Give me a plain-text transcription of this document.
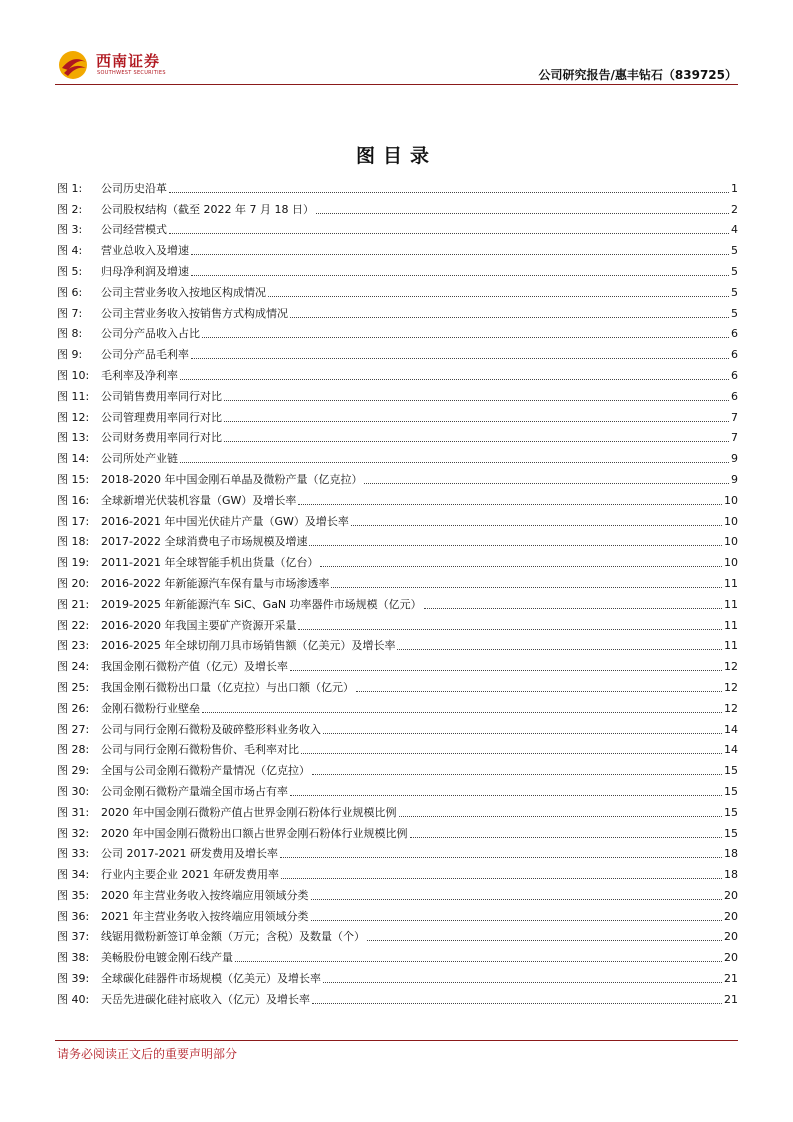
西南证券
SOUTHWEST SECURITIES	公司研究报告/惠丰钻石（839725）
图目录
图 1:	公司历史沿革	1
图 2:	公司股权结构（截至 2022 年 7 月 18 日）	2
图 3:	公司经营模式	4
图 4:	营业总收入及增速	5
图 5:	归母净利润及增速	5
图 6:	公司主营业务收入按地区构成情况	5
图 7:	公司主营业务收入按销售方式构成情况	5
图 8:	公司分产品收入占比	6
图 9:	公司分产品毛利率	6
图 10:	毛利率及净利率	6
图 11:	公司销售费用率同行对比	6
图 12:	公司管理费用率同行对比	7
图 13:	公司财务费用率同行对比	7
图 14:	公司所处产业链	9
图 15:	2018-2020 年中国金刚石单晶及微粉产量（亿克拉）	9
图 16:	全球新增光伏装机容量（GW）及增长率	10
图 17:	2016-2021 年中国光伏硅片产量（GW）及增长率	10
图 18:	2017-2022 全球消费电子市场规模及增速	10
图 19:	2011-2021 年全球智能手机出货量（亿台）	10
图 20:	2016-2022 年新能源汽车保有量与市场渗透率	11
图 21:	2019-2025 年新能源汽车 SiC、GaN 功率器件市场规模（亿元）	11
图 22:	2016-2020 年我国主要矿产资源开采量	11
图 23:	2016-2025 年全球切削刀具市场销售额（亿美元）及增长率	11
图 24:	我国金刚石微粉产值（亿元）及增长率	12
图 25:	我国金刚石微粉出口量（亿克拉）与出口额（亿元）	12
图 26:	金刚石微粉行业壁垒	12
图 27:	公司与同行金刚石微粉及破碎整形料业务收入	14
图 28:	公司与同行金刚石微粉售价、毛利率对比	14
图 29:	全国与公司金刚石微粉产量情况（亿克拉）	15
图 30:	公司金刚石微粉产量端全国市场占有率	15
图 31:	2020 年中国金刚石微粉产值占世界金刚石粉体行业规模比例	15
图 32:	2020 年中国金刚石微粉出口额占世界金刚石粉体行业规模比例	15
图 33:	公司 2017-2021 研发费用及增长率	18
图 34:	行业内主要企业 2021 年研发费用率	18
图 35:	2020 年主营业务收入按终端应用领域分类	20
图 36:	2021 年主营业务收入按终端应用领域分类	20
图 37:	线锯用微粉新签订单金额（万元；含税）及数量（个）	20
图 38:	美畅股份电镀金刚石线产量	20
图 39:	全球碳化硅器件市场规模（亿美元）及增长率	21
图 40:	天岳先进碳化硅衬底收入（亿元）及增长率	21
请务必阅读正文后的重要声明部分
